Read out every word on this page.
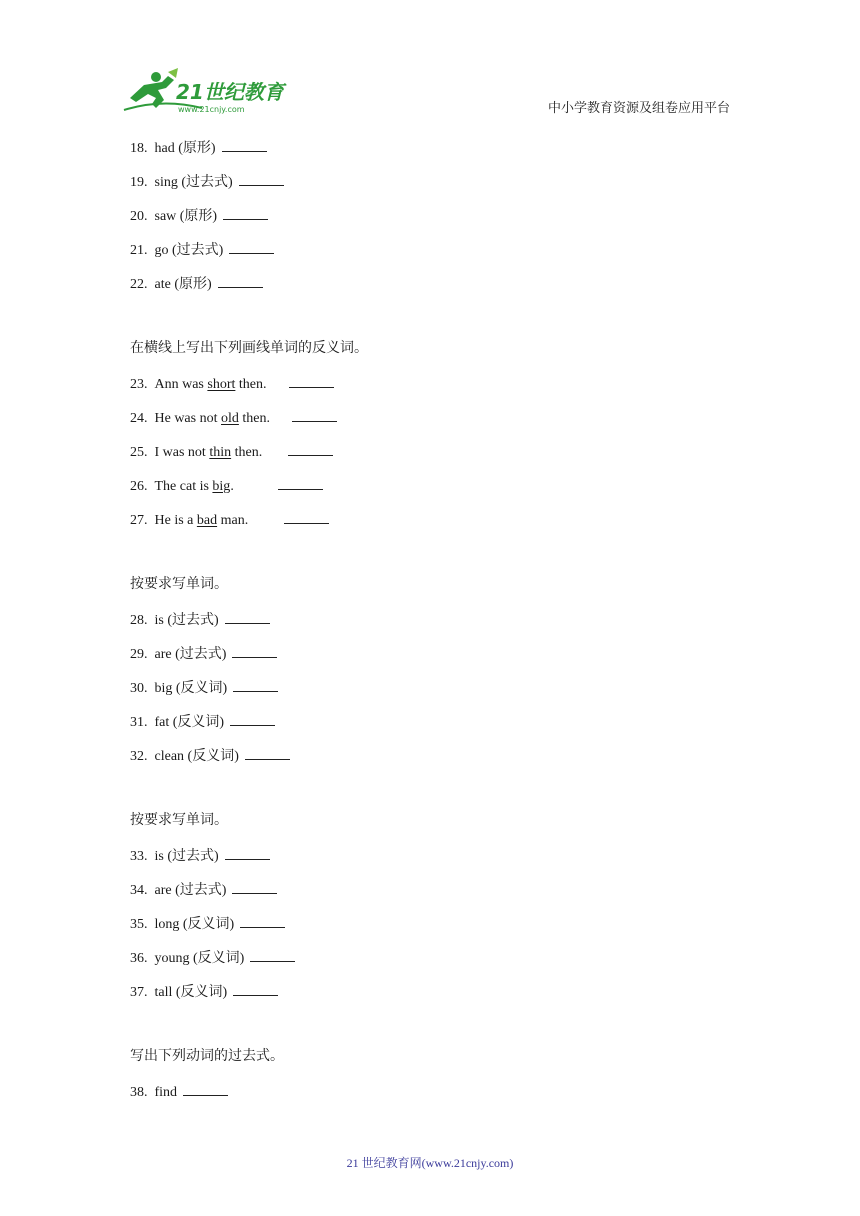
21世纪教育
www.21cnjy.com	中小学教育资源及组卷应用平台
18.  had (原形)
19.  sing (过去式)
20.  saw (原形)
21.  go (过去式)
22.  ate (原形)
在横线上写出下列画线单词的反义词。
23.  Ann was short then.
24.  He was not old then.
25.  I was not thin then.
26.  The cat is big.
27.  He is a bad man.
按要求写单词。
28.  is (过去式)
29.  are (过去式)
30.  big (反义词)
31.  fat (反义词)
32.  clean (反义词)
按要求写单词。
33.  is (过去式)
34.  are (过去式)
35.  long (反义词)
36.  young (反义词)
37.  tall (反义词)
写出下列动词的过去式。
38.  find
21 世纪教育网(www.21cnjy.com)
